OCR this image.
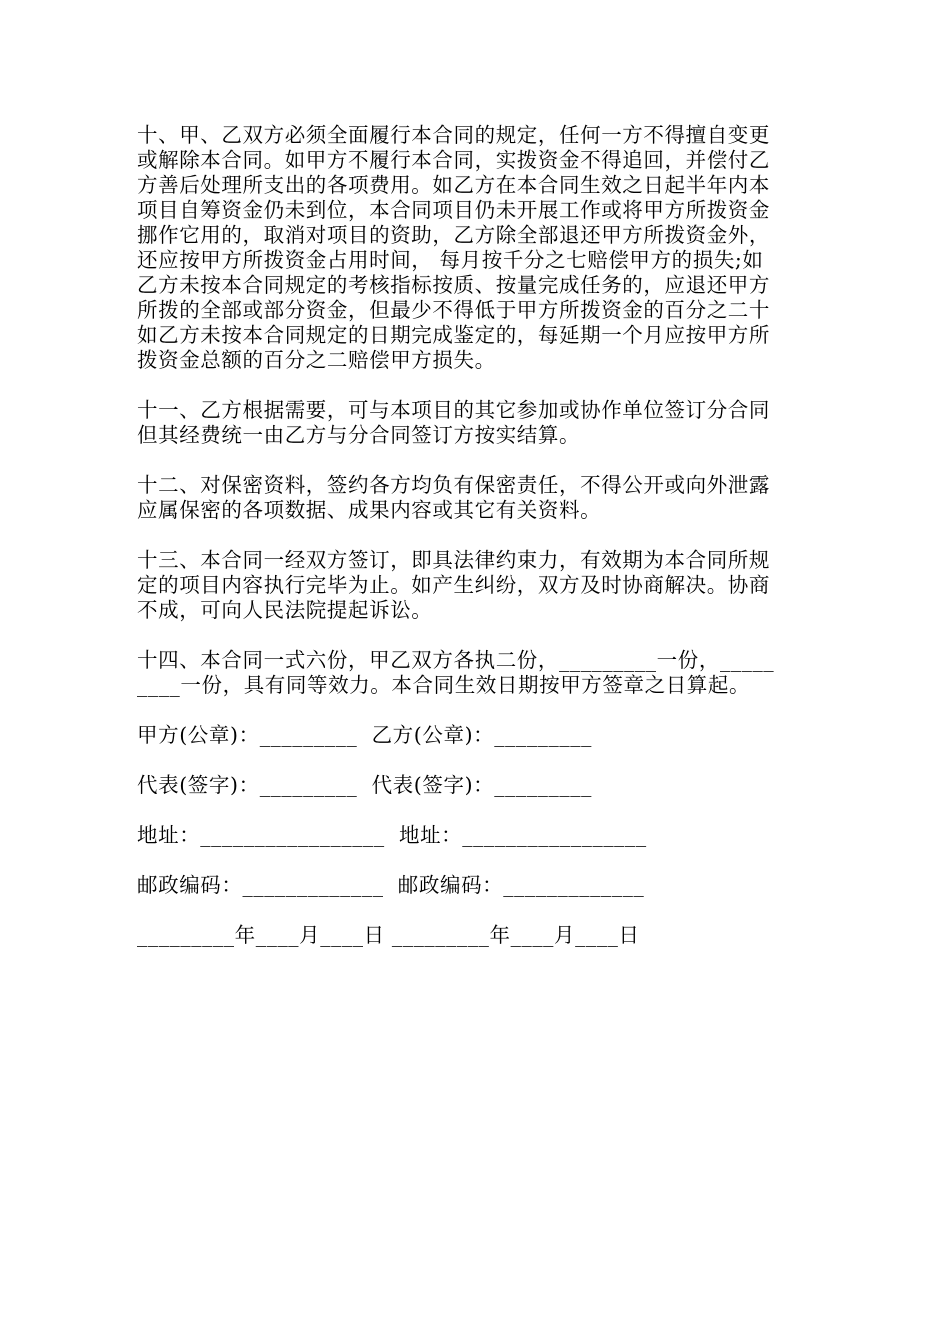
十、甲、乙双方必须全面履行本合同的规定，任何一方不得擅自变更
或解除本合同。如甲方不履行本合同，实拨资金不得追回，并偿付乙
方善后处理所支出的各项费用。如乙方在本合同生效之日起半年内本
项目自筹资金仍未到位，本合同项目仍未开展工作或将甲方所拨资金
挪作它用的，取消对项目的资助，乙方除全部退还甲方所拨资金外，
还应按甲方所拨资金占用时间， 每月按千分之七赔偿甲方的损失;如
乙方未按本合同规定的考核指标按质、按量完成任务的，应退还甲方
所拨的全部或部分资金，但最少不得低于甲方所拨资金的百分之二十
如乙方未按本合同规定的日期完成鉴定的，每延期一个月应按甲方所
拨资金总额的百分之二赔偿甲方损失。
十一、乙方根据需要，可与本项目的其它参加或协作单位签订分合同
但其经费统一由乙方与分合同签订方按实结算。
十二、对保密资料，签约各方均负有保密责任，不得公开或向外泄露
应属保密的各项数据、成果内容或其它有关资料。
十三、本合同一经双方签订，即具法律约束力，有效期为本合同所规
定的项目内容执行完毕为止。如产生纠纷，双方及时协商解决。协商
不成，可向人民法院提起诉讼。
十四、本合同一式六份，甲乙双方各执二份，_________一份，_____
____一份，具有同等效力。本合同生效日期按甲方签章之日算起。
甲方(公章)：_________  乙方(公章)：_________
代表(签字)：_________  代表(签字)：_________
地址：_________________  地址：_________________
邮政编码：_____________  邮政编码：_____________
_________年____月____日 _________年____月____日
